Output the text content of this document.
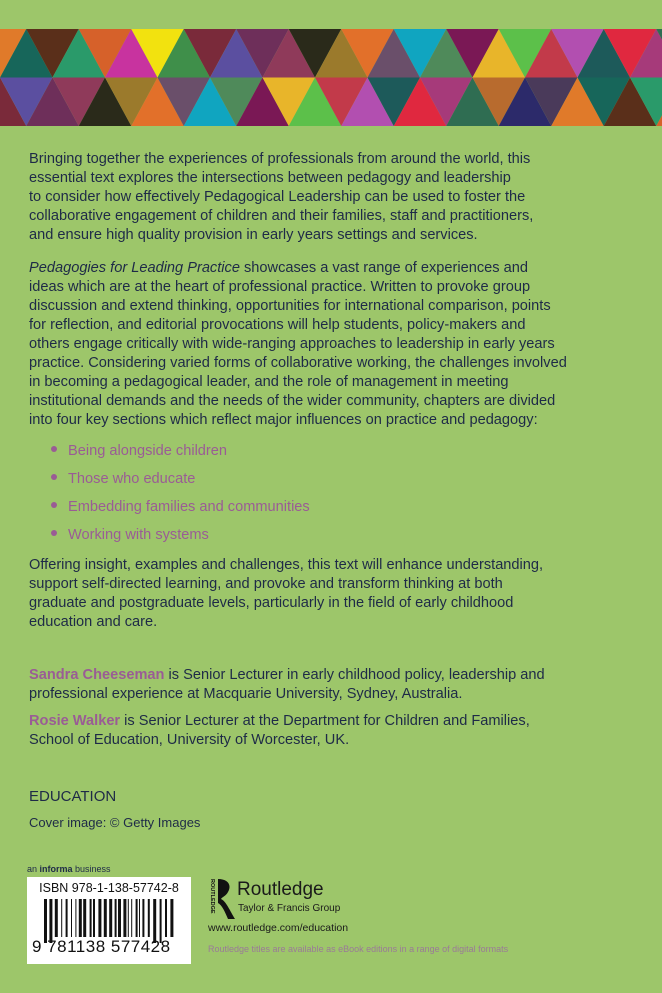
Bringing together the experiences of professionals from around the world, this
essential text explores the intersections between pedagogy and leadership
to consider how effectively Pedagogical Leadership can be used to foster the
collaborative engagement of children and their families, staff and practitioners,
and ensure high quality provision in early years settings and services.
Pedagogies for Leading Practice showcases a vast range of experiences and
ideas which are at the heart of professional practice. Written to provoke group
discussion and extend thinking, opportunities for international comparison, points
for reflection, and editorial provocations will help students, policy-makers and
others engage critically with wide-ranging approaches to leadership in early years
practice. Considering varied forms of collaborative working, the challenges involved
in becoming a pedagogical leader, and the role of management in meeting
institutional demands and the needs of the wider community, chapters are divided
into four key sections which reflect major influences on practice and pedagogy:
Being alongside children
Those who educate
Embedding families and communities
Working with systems
Offering insight, examples and challenges, this text will enhance understanding,
support self-directed learning, and provoke and transform thinking at both
graduate and postgraduate levels, particularly in the field of early childhood
education and care.
Sandra Cheeseman is Senior Lecturer in early childhood policy, leadership and
professional experience at Macquarie University, Sydney, Australia.
Rosie Walker is Senior Lecturer at the Department for Children and Families,
School of Education, University of Worcester, UK.
EDUCATION
Cover image: © Getty Images
an informa business
ISBN 978-1-138-57742-8
9 781138 577428
ROUTLEDGE Routledge
Taylor & Francis Group
www.routledge.com/education
Routledge titles are available as eBook editions in a range of digital formats
